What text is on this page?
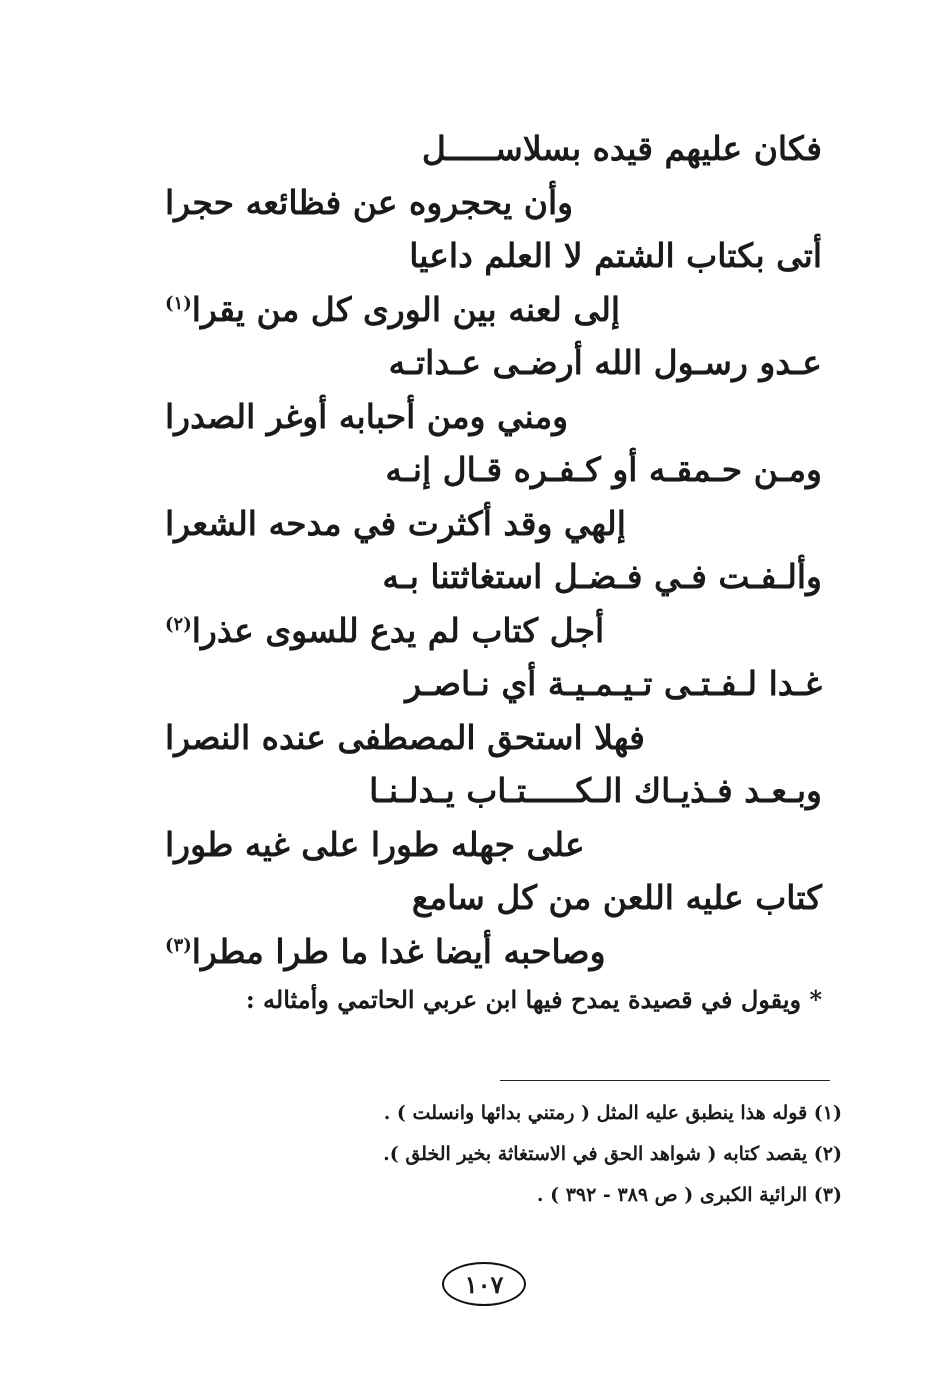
فكان عليهم قيده بسلاســـــل
وأن يحجروه عن فظائعه حجرا
أتى بكتاب الشتم لا العلم داعيا
إلى لعنه بين الورى كل من يقرا$^{(١)}$
عـدو رسـول الله أرضـى عـداتـه
ومني ومن أحبابه أوغر الصدرا
ومـن حـمقـه أو كـفـره قـال إنـه
إلهي وقد أكثرت في مدحه الشعرا
وألـفـت فـي فـضـل استغاثتنا بـه
أجل كتاب لم يدع للسوى عذرا$^{(٢)}$
غـدا لـفـتـى تـيـمـيـة أي نـاصـر
فهلا استحق المصطفى عنده النصرا
وبـعـد فـذيـاك الـكـــــتـاب يـدلـنـا
على جهله طورا على غيه طورا
كتاب عليه اللعن من كل سامع
وصاحبه أيضا غدا ما طرا مطرا$^{(٣)}$
* ويقول في قصيدة يمدح فيها ابن عربي الحاتمي وأمثاله :
(١) قوله هذا ينطبق عليه المثل ( رمتني بدائها وانسلت ) .
(٢) يقصد كتابه ( شواهد الحق في الاستغاثة بخير الخلق ).
(٣) الرائية الكبرى ( ص ٣٨٩ - ٣٩٢ ) .
١٠٧
